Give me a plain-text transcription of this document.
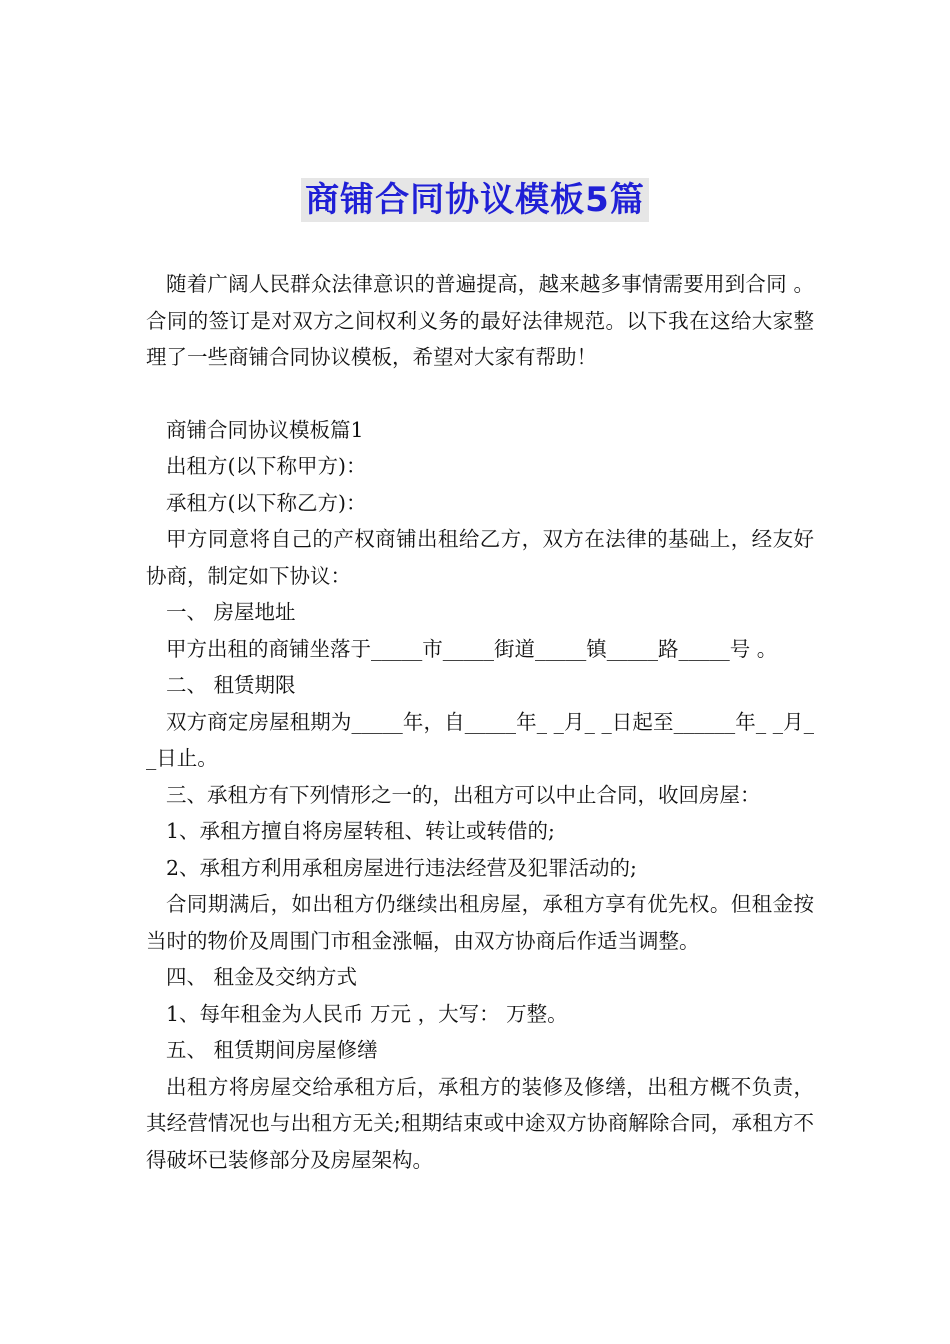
商铺合同协议模板5篇

随着广阔人民群众法律意识的普遍提高，越来越多事情需要用到合同 。 合同的签订是对双方之间权利义务的最好法律规范。以下我在这给大家整理了一些商铺合同协议模板，希望对大家有帮助！

商铺合同协议模板篇1

出租方(以下称甲方)：

承租方(以下称乙方)：

甲方同意将自己的产权商铺出租给乙方，双方在法律的基础上，经友好协商，制定如下协议：

一、 房屋地址

甲方出租的商铺坐落于_____市_____街道_____镇_____路_____号 。

二、 租赁期限

双方商定房屋租期为_____年，自_____年_ _月_ _日起至______年_ _月_ _日止。

三、承租方有下列情形之一的，出租方可以中止合同，收回房屋：

1、承租方擅自将房屋转租、转让或转借的;

2、承租方利用承租房屋进行违法经营及犯罪活动的;

合同期满后，如出租方仍继续出租房屋，承租方享有优先权。但租金按当时的物价及周围门市租金涨幅，由双方协商后作适当调整。

四、 租金及交纳方式

1、每年租金为人民币 万元 ，大写： 万整。

五、 租赁期间房屋修缮

出租方将房屋交给承租方后，承租方的装修及修缮，出租方概不负责，其经营情况也与出租方无关;租期结束或中途双方协商解除合同，承租方不得破坏已装修部分及房屋架构。
